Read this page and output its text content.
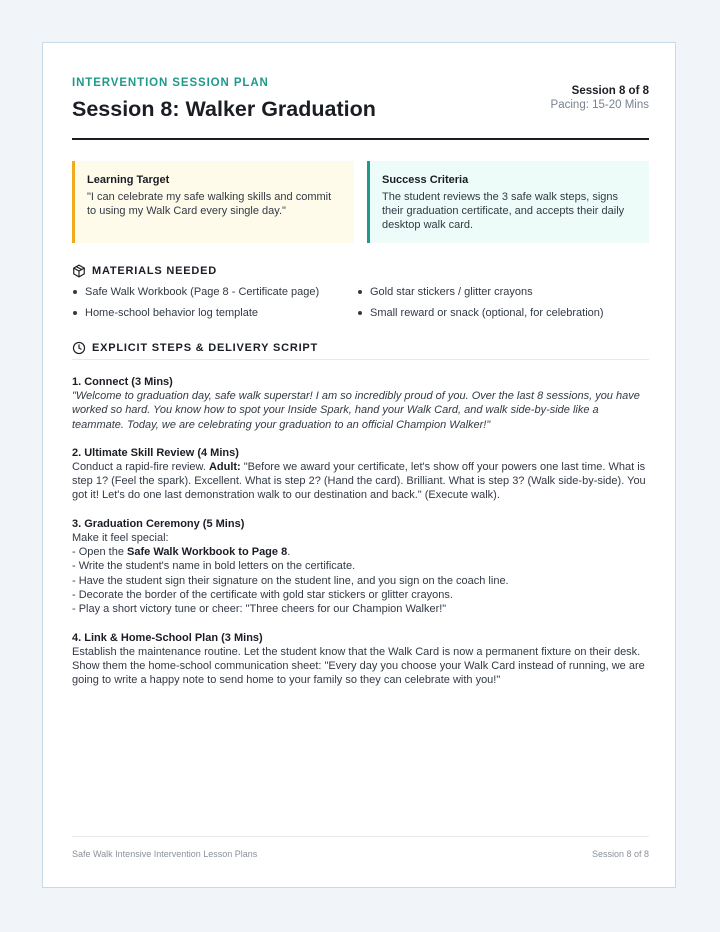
INTERVENTION SESSION PLAN
Session 8: Walker Graduation
Session 8 of 8
Pacing: 15-20 Mins
Learning Target
"I can celebrate my safe walking skills and commit to using my Walk Card every single day."
Success Criteria
The student reviews the 3 safe walk steps, signs their graduation certificate, and accepts their daily desktop walk card.
MATERIALS NEEDED
Safe Walk Workbook (Page 8 - Certificate page)	Gold star stickers / glitter crayons
Home-school behavior log template	Small reward or snack (optional, for celebration)
EXPLICIT STEPS & DELIVERY SCRIPT
1. Connect (3 Mins)
"Welcome to graduation day, safe walk superstar! I am so incredibly proud of you. Over the last 8 sessions, you have worked so hard. You know how to spot your Inside Spark, hand your Walk Card, and walk side-by-side like a teammate. Today, we are celebrating your graduation to an official Champion Walker!"
2. Ultimate Skill Review (4 Mins)
Conduct a rapid-fire review. Adult: "Before we award your certificate, let's show off your powers one last time. What is step 1? (Feel the spark). Excellent. What is step 2? (Hand the card). Brilliant. What is step 3? (Walk side-by-side). You got it! Let's do one last demonstration walk to our destination and back." (Execute walk).
3. Graduation Ceremony (5 Mins)
Make it feel special:
- Open the Safe Walk Workbook to Page 8.
- Write the student's name in bold letters on the certificate.
- Have the student sign their signature on the student line, and you sign on the coach line.
- Decorate the border of the certificate with gold star stickers or glitter crayons.
- Play a short victory tune or cheer: "Three cheers for our Champion Walker!"
4. Link & Home-School Plan (3 Mins)
Establish the maintenance routine. Let the student know that the Walk Card is now a permanent fixture on their desk. Show them the home-school communication sheet: "Every day you choose your Walk Card instead of running, we are going to write a happy note to send home to your family so they can celebrate with you!"
Safe Walk Intensive Intervention Lesson Plans	Session 8 of 8
